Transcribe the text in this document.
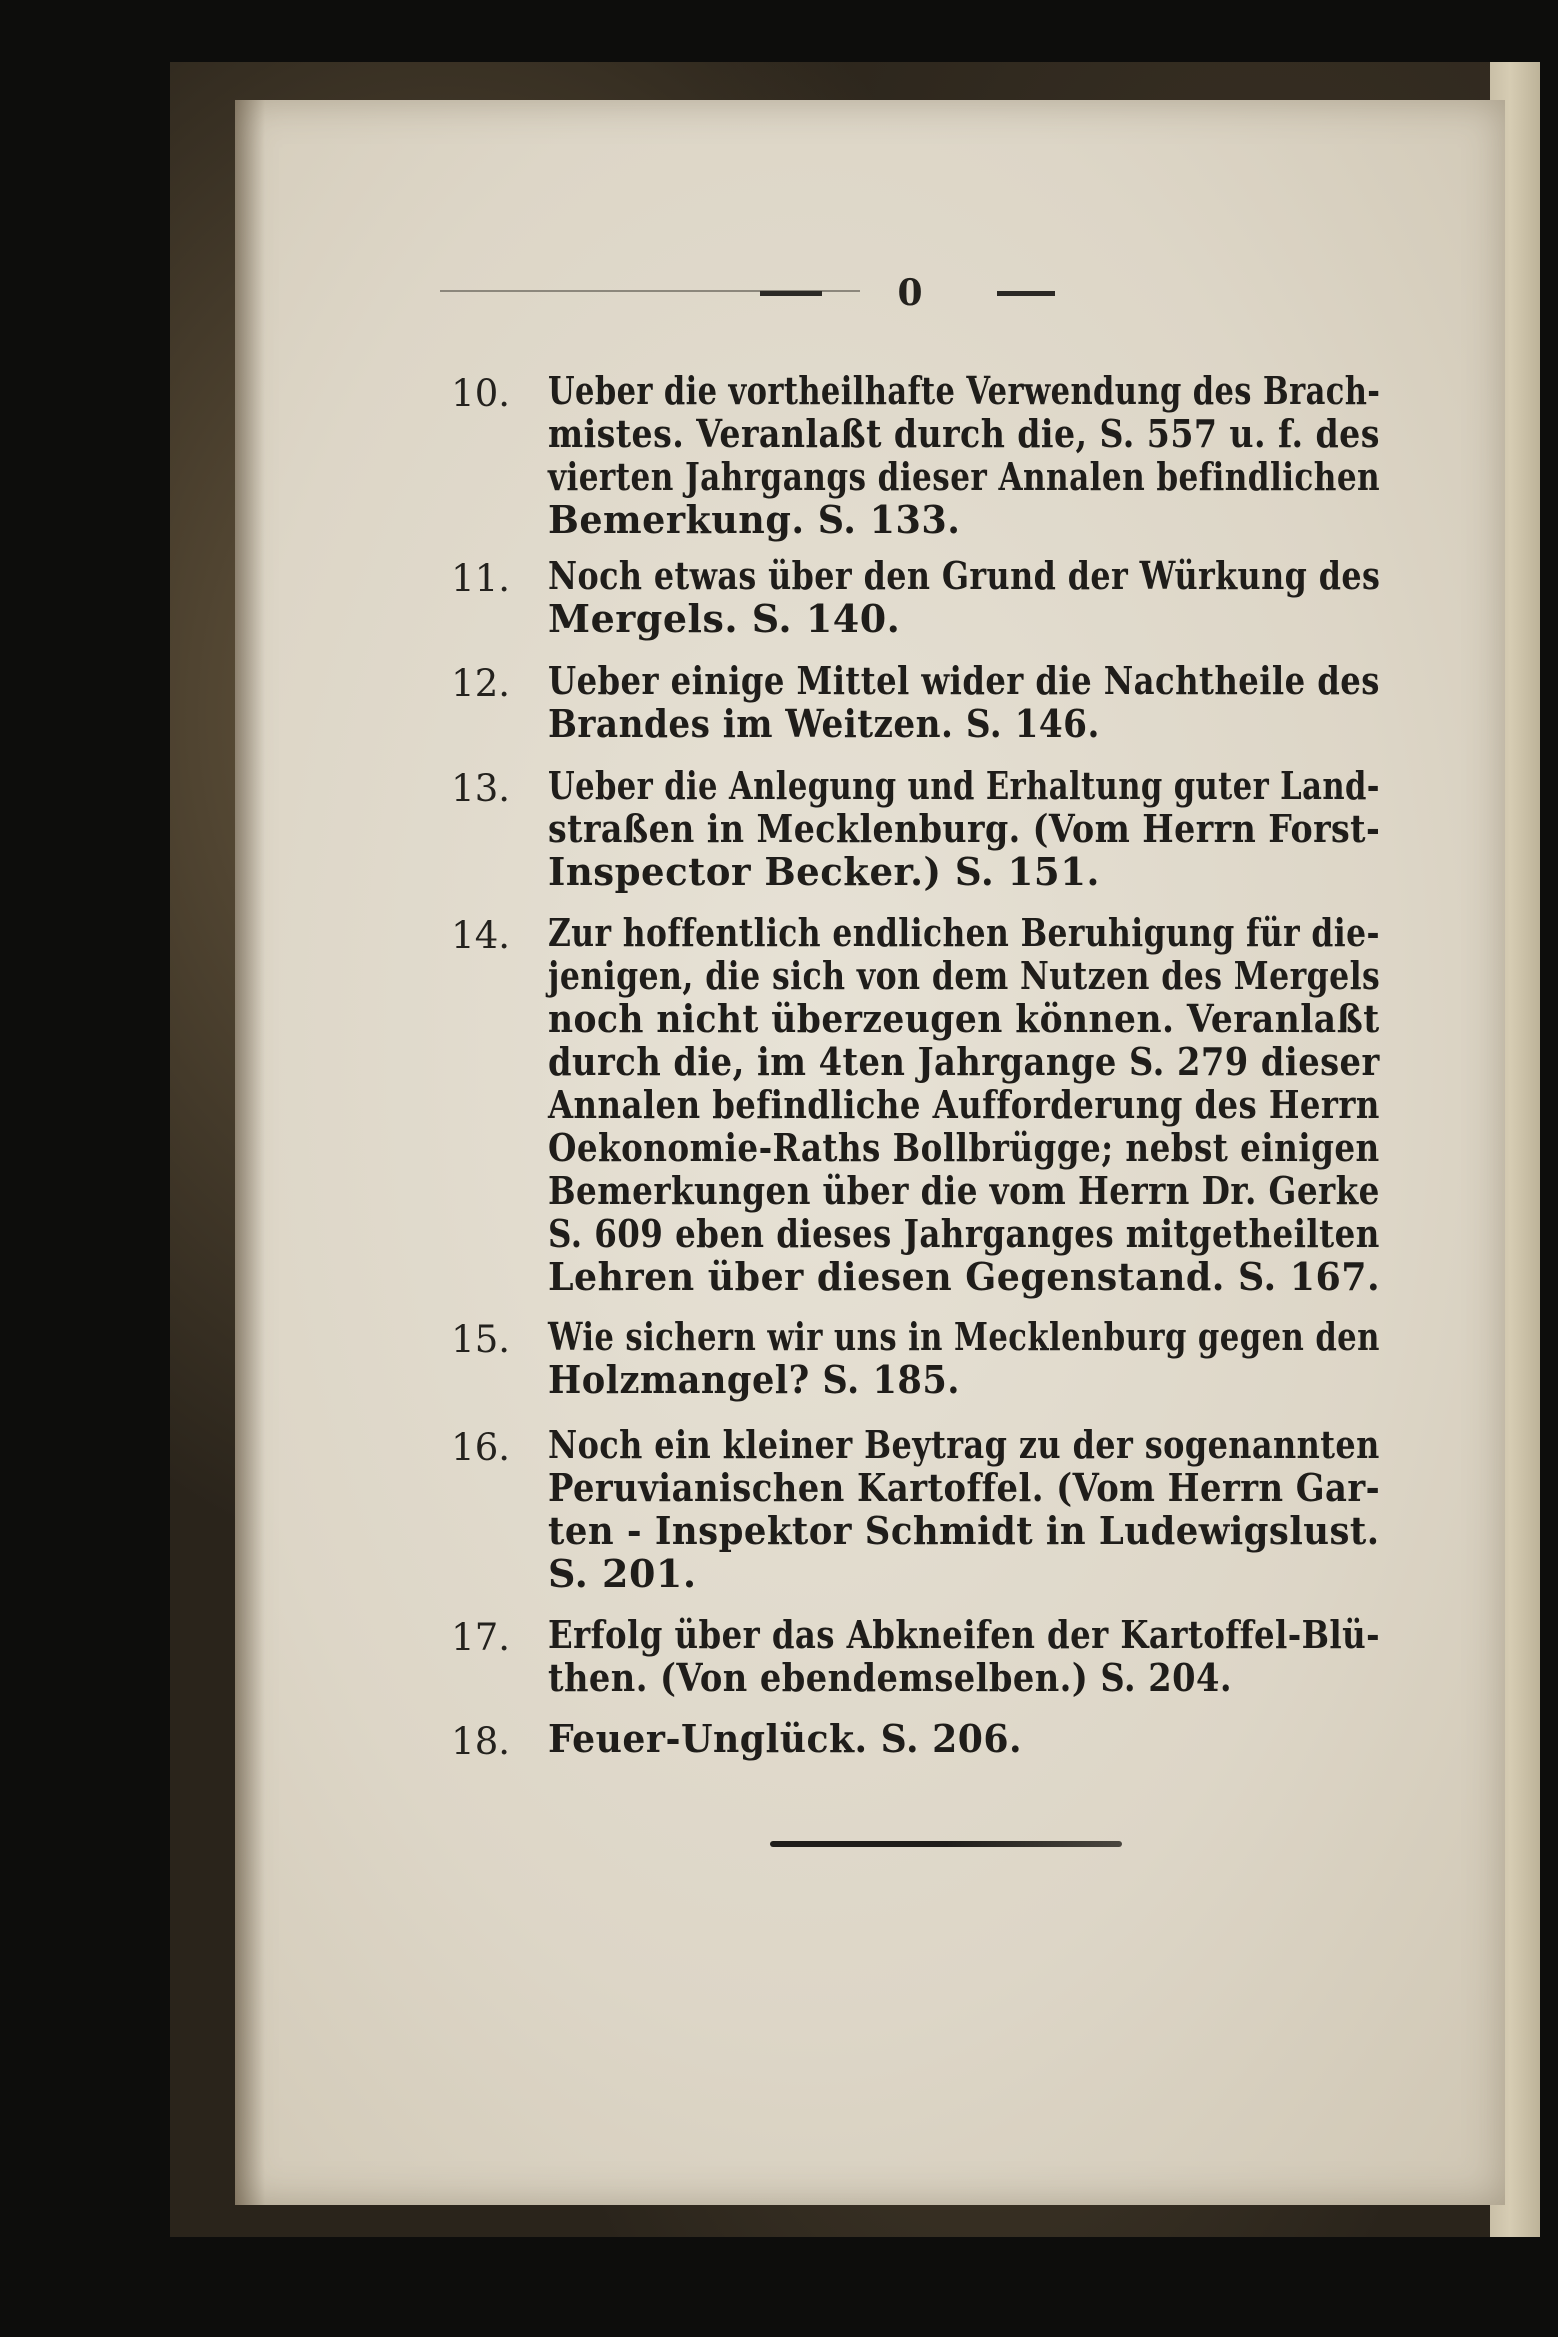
0
10. Ueber die vortheilhafte Verwendung des Brach-
mistes. Veranlaßt durch die, S. 557 u. f. des
vierten Jahrgangs dieser Annalen befindlichen
Bemerkung. S. 133.
11. Noch etwas über den Grund der Würkung des
Mergels. S. 140.
12. Ueber einige Mittel wider die Nachtheile des
Brandes im Weitzen. S. 146.
13. Ueber die Anlegung und Erhaltung guter Land-
straßen in Mecklenburg. (Vom Herrn Forst-
Inspector Becker.) S. 151.
14. Zur hoffentlich endlichen Beruhigung für die-
jenigen, die sich von dem Nutzen des Mergels
noch nicht überzeugen können. Veranlaßt
durch die, im 4ten Jahrgange S. 279 dieser
Annalen befindliche Aufforderung des Herrn
Oekonomie-Raths Bollbrügge; nebst einigen
Bemerkungen über die vom Herrn Dr. Gerke
S. 609 eben dieses Jahrganges mitgetheilten
Lehren über diesen Gegenstand. S. 167.
15. Wie sichern wir uns in Mecklenburg gegen den
Holzmangel? S. 185.
16. Noch ein kleiner Beytrag zu der sogenannten
Peruvianischen Kartoffel. (Vom Herrn Gar-
ten - Inspektor Schmidt in Ludewigslust.
S. 201.
17. Erfolg über das Abkneifen der Kartoffel-Blü-
then. (Von ebendemselben.) S. 204.
18. Feuer-Unglück. S. 206.
